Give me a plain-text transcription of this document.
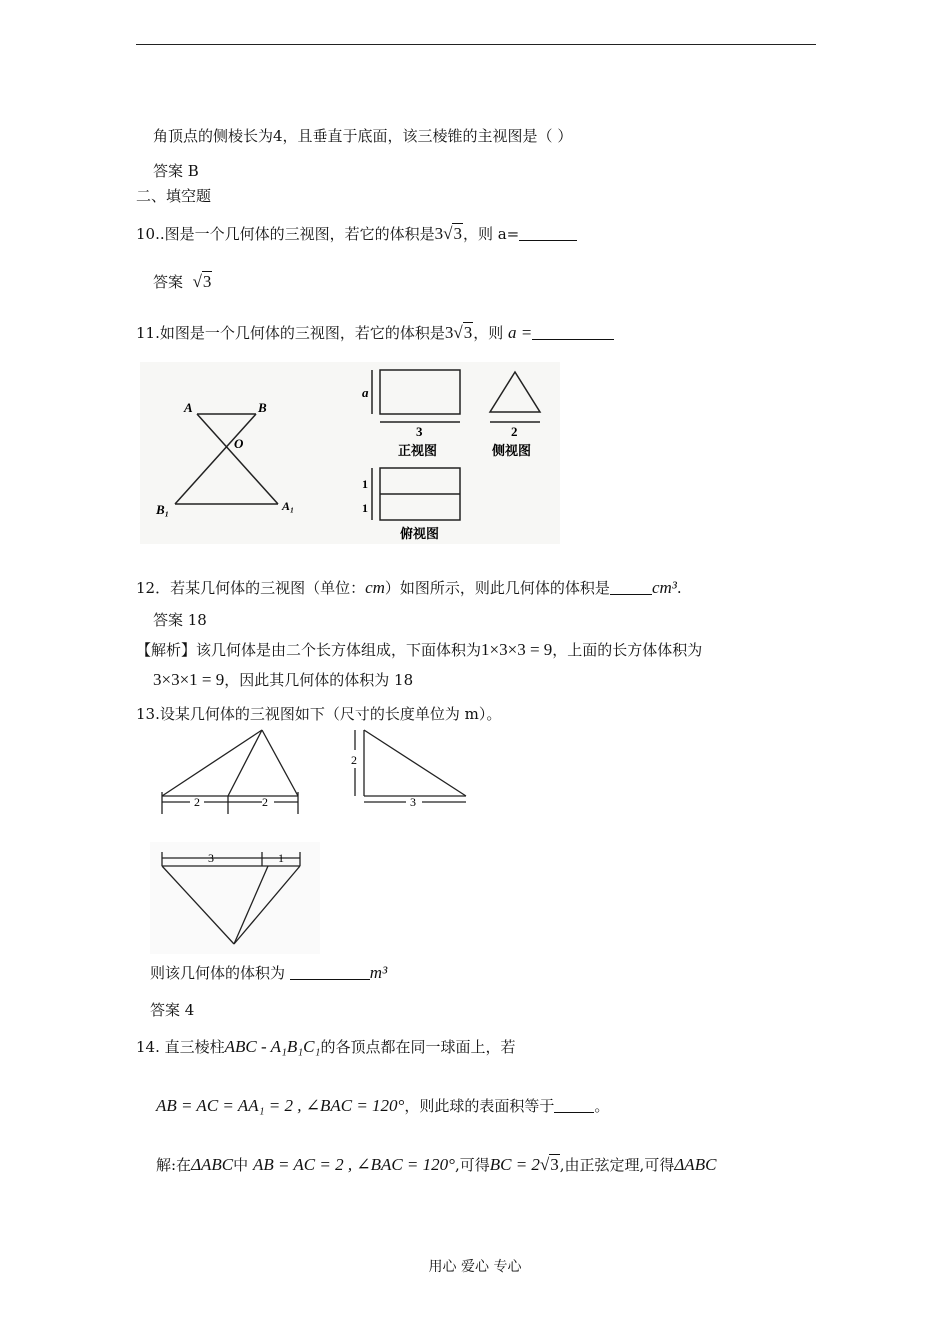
角顶点的侧棱长为4，且垂直于底面，该三棱锥的主视图是（ ）
答案 B
二、填空题
10..图是一个几何体的三视图，若它的体积是3√3，则 a=
答案 √3
11.如图是一个几何体的三视图，若它的体积是3√3，则 a =
A	B
O
B₁	A₁
a
3
正视图
2
侧视图
1
1
俯视图
12．若某几何体的三视图（单位：cm）如图所示，则此几何体的体积是 cm³.
答案 18
【解析】该几何体是由二个长方体组成，下面体积为1×3×3 = 9，上面的长方体体积为
3×3×1 = 9，因此其几何体的体积为 18
13.设某几何体的三视图如下（尺寸的长度单位为 m）。
2	2
2
3
3	1
则该几何体的体积为	m³
答案 4
14. 直三棱柱ABC - A₁B₁C₁的各顶点都在同一球面上，若
AB = AC = AA₁ = 2 , ∠BAC = 120°，则此球的表面积等于	。
解:在ΔABC中 AB = AC = 2 , ∠BAC = 120°,可得BC = 2√3,由正弦定理,可得ΔABC
用心 爱心 专心
